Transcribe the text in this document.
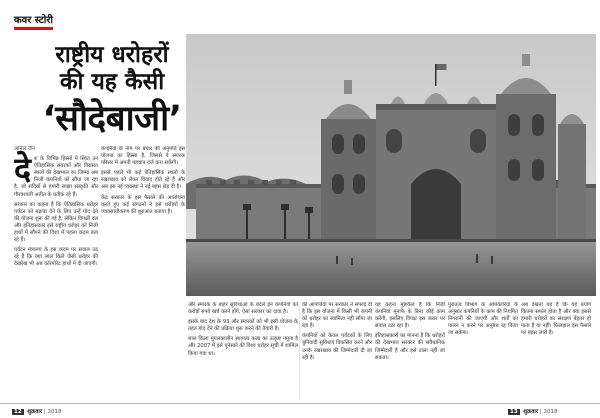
कवर स्टोरी
राष्ट्रीय धरोहरों
की यह कैसी
‘सौदेबाजी’
अनिल जैन

देश के विभिन्न हिस्सों में स्थित उन ऐतिहासिक स्मारकों और विरासत स्थलों की देखभाल का जिम्मा अब निजी कंपनियों को सौंपा जा रहा है, जो सदियों से हमारी साझा संस्कृति और गौरवशाली अतीत के प्रतीक रहे हैं।

सरकार का कहना है कि ऐतिहासिक धरोहर पर्यटन को बढ़ावा देने के लिए उन्हें गोद देने की योजना शुरू की गई है, लेकिन विपक्षी दल और इतिहासकार इसे राष्ट्रीय धरोहर को निजी हाथों में सौंपने की दिशा में पहला कदम बता रहे हैं।

पर्यटन मंत्रालय के इस कदम पर सवाल उठ रहे हैं कि क्या लाल किले जैसी धरोहर की देखरेख भी अब कॉरपोरेट हाथों में दी जाएगी।

कंपनियों के नाम पर प्रचार की अनुमति इस योजना का हिस्सा है, जिससे वे स्मारक परिसर में अपनी पहचान दर्ज करा सकेंगी।

इससे पहले भी कई ऐतिहासिक स्थलों के रखरखाव को लेकर विवाद होते रहे हैं और अब इस नई व्यवस्था ने नई बहस छेड़ दी है।

केंद्र सरकार के इस फैसले की आलोचना करते हुए कई संगठनों ने इसे धरोहरों के व्यावसायीकरण की शुरुआत बताया है।

और स्मारक के बाहर सुविधाओं के बदले इन कंपनियों को करोड़ों रुपये खर्च करने होंगे, ऐसा सरकार का दावा है।

इसके बाद देश के 93 और स्मारकों को भी इसी योजना के तहत गोद देने की प्रक्रिया शुरू करने की तैयारी है।

लाल किला मुगलकालीन स्थापत्य कला का उत्कृष्ट नमूना है और 2007 में इसे यूनेस्को की विश्व धरोहर सूची में शामिल किया गया था।

की आपत्तियों पर सरकार ने सफाई दी है कि इस योजना में किसी भी कंपनी को धरोहर का स्वामित्व नहीं सौंपा जा रहा है।

कंपनियों को केवल पर्यटकों के लिए बुनियादी सुविधाएं विकसित करने और उनके रखरखाव की जिम्मेदारी दी जा रही है।

यह कहना मुश्किल है कि निजी कंपनियां मुनाफे के बिना कोई काम करेंगी, इसलिए विपक्ष इस करार पर सवाल उठा रहा है।

इतिहासकारों का मानना है कि धरोहरों की देखभाल सरकार की संवैधानिक जिम्मेदारी है और इसे टाला नहीं जा सकता।

पुरातत्व विभाग के अधिकारियों के अनुसार कंपनियों के काम की नियमित निगरानी की जाएगी और शर्तों का पालन न करने पर अनुबंध रद्द किया जा सकेगा।

अब देखना यह है कि यह प्रयोग कितना सफल होता है और क्या इससे हमारी धरोहरों का संरक्षण बेहतर हो पाता है या नहीं। फिलहाल इस फैसले पर बहस जारी है।

12 शुक्रवार | 2018	13 शुक्रवार | 2018
